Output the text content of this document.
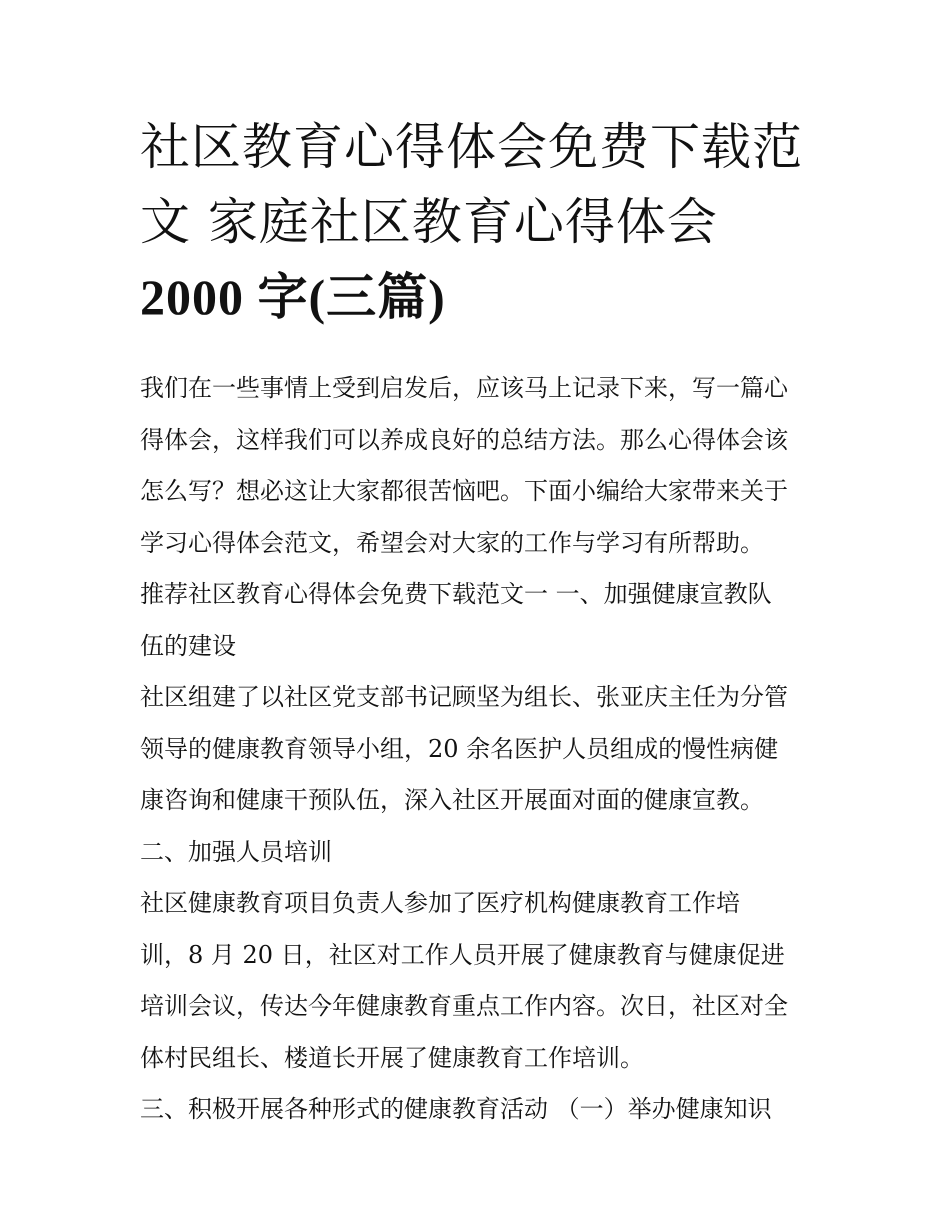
社区教育心得体会免费下载范
文 家庭社区教育心得体会
2000 字(三篇)
我们在一些事情上受到启发后，应该马上记录下来，写一篇心
得体会，这样我们可以养成良好的总结方法。那么心得体会该
怎么写？想必这让大家都很苦恼吧。下面小编给大家带来关于
学习心得体会范文，希望会对大家的工作与学习有所帮助。
推荐社区教育心得体会免费下载范文一 一、加强健康宣教队
伍的建设
社区组建了以社区党支部书记顾坚为组长、张亚庆主任为分管
领导的健康教育领导小组，20 余名医护人员组成的慢性病健
康咨询和健康干预队伍，深入社区开展面对面的健康宣教。
二、加强人员培训
社区健康教育项目负责人参加了医疗机构健康教育工作培
训，8 月 20 日，社区对工作人员开展了健康教育与健康促进
培训会议，传达今年健康教育重点工作内容。次日，社区对全
体村民组长、楼道长开展了健康教育工作培训。
三、积极开展各种形式的健康教育活动 （一）举办健康知识
